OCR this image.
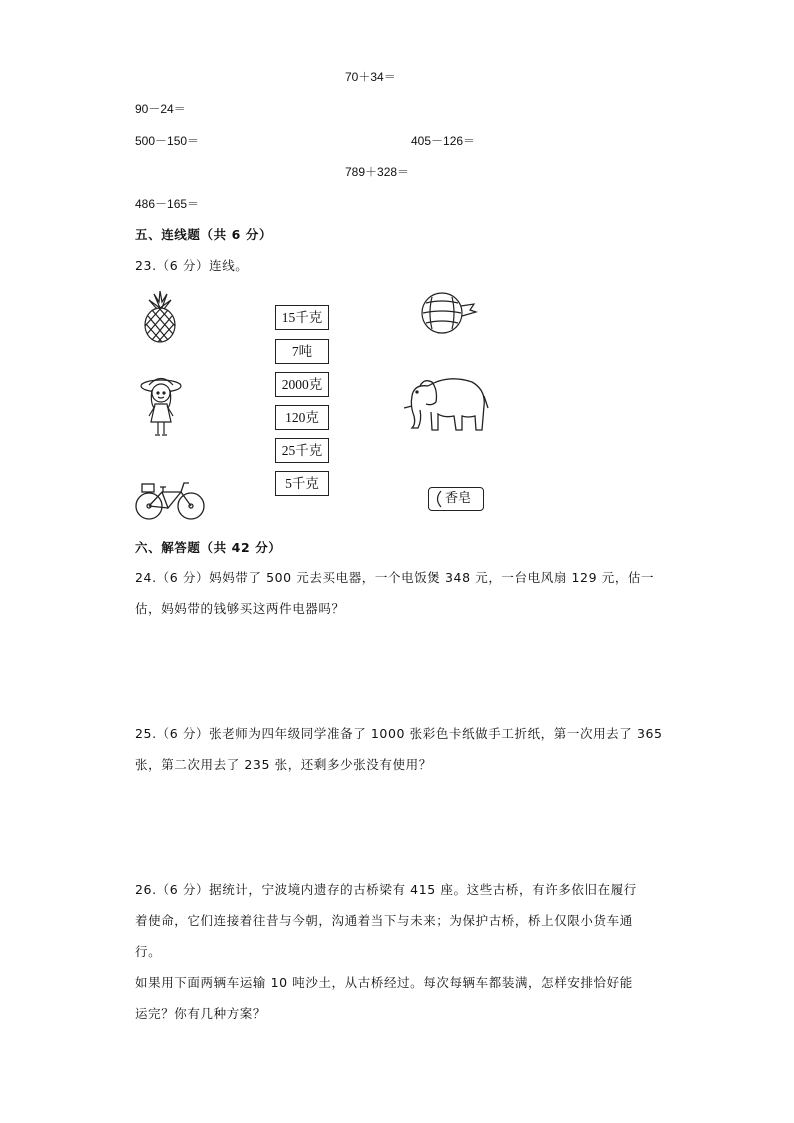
70＋34＝
90－24＝
500－150＝	405－126＝
789＋328＝
486－165＝
五、连线题（共 6 分）
23.（6 分）连线。
15千克
7吨
2000克
120克
25千克
5千克
香皂
六、解答题（共 42 分）
24.（6 分）妈妈带了 500 元去买电器，一个电饭煲 348 元，一台电风扇 129 元，估一
估，妈妈带的钱够买这两件电器吗？
25.（6 分）张老师为四年级同学准备了 1000 张彩色卡纸做手工折纸，第一次用去了 365
张，第二次用去了 235 张，还剩多少张没有使用？
26.（6 分）据统计，宁波境内遗存的古桥梁有 415 座。这些古桥，有许多依旧在履行
着使命，它们连接着往昔与今朝，沟通着当下与未来；为保护古桥，桥上仅限小货车通
行。
如果用下面两辆车运输 10 吨沙土，从古桥经过。每次每辆车都装满，怎样安排恰好能
运完？你有几种方案？
